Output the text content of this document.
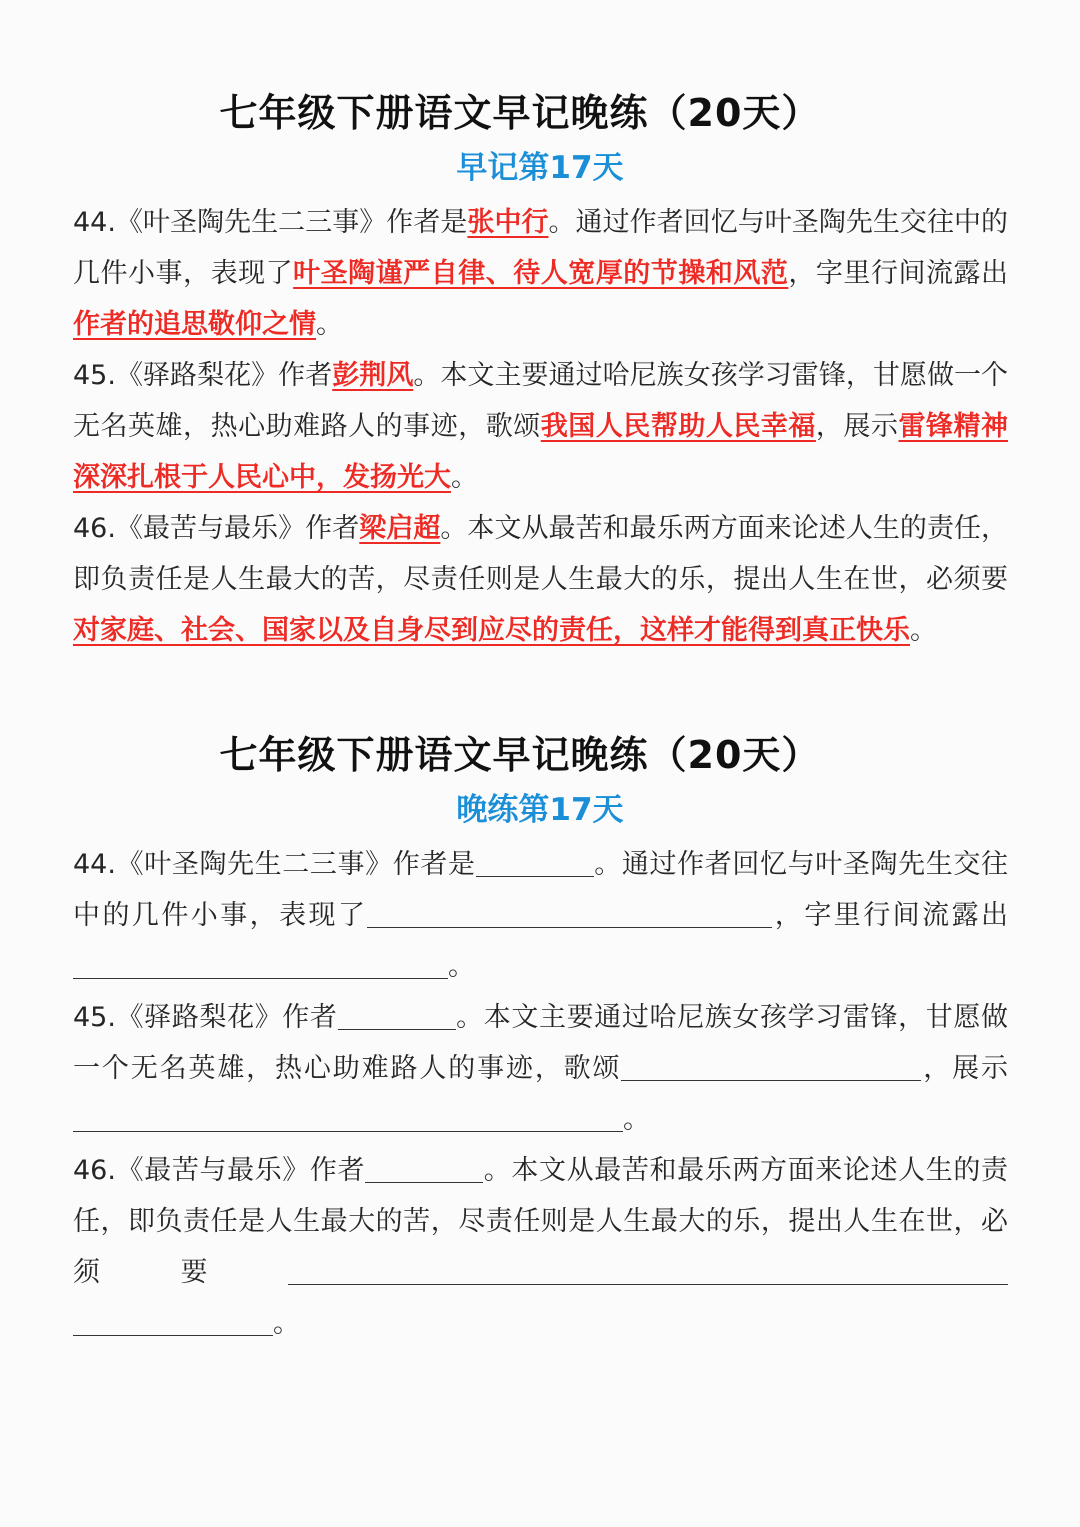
七年级下册语文早记晚练（20天）
早记第17天

44.《叶圣陶先生二三事》作者是张中行。通过作者回忆与叶圣陶先生交往中的几件小事，表现了叶圣陶谨严自律、待人宽厚的节操和风范，字里行间流露出作者的追思敬仰之情。

45.《驿路梨花》作者彭荆风。本文主要通过哈尼族女孩学习雷锋，甘愿做一个无名英雄，热心助难路人的事迹，歌颂我国人民帮助人民幸福，展示雷锋精神深深扎根于人民心中，发扬光大。

46.《最苦与最乐》作者梁启超。本文从最苦和最乐两方面来论述人生的责任，即负责任是人生最大的苦，尽责任则是人生最大的乐，提出人生在世，必须要对家庭、社会、国家以及自身尽到应尽的责任，这样才能得到真正快乐。

七年级下册语文早记晚练（20天）
晚练第17天

44.《叶圣陶先生二三事》作者是	。通过作者回忆与叶圣陶先生交往中的几件小事，表现了	，字里行间流露出。

45.《驿路梨花》作者	。本文主要通过哈尼族女孩学习雷锋，甘愿做一个无名英雄，热心助难路人的事迹，歌颂	，展示。

46.《最苦与最乐》作者	。本文从最苦和最乐两方面来论述人生的责任，即负责任是人生最大的苦，尽责任则是人生最大的乐，提出人生在世，必须要。
